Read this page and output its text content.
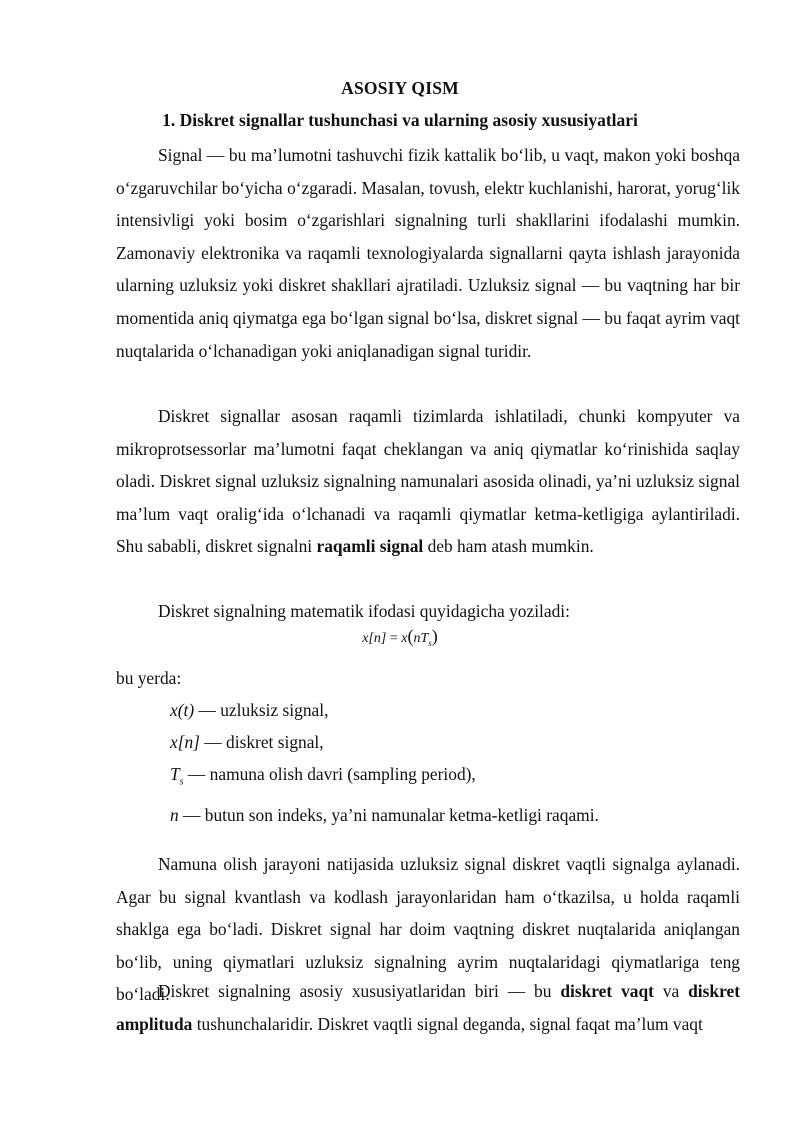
ASOSIY QISM
1. Diskret signallar tushunchasi va ularning asosiy xususiyatlari

Signal — bu ma’lumotni tashuvchi fizik kattalik bo‘lib, u vaqt, makon yoki boshqa o‘zgaruvchilar bo‘yicha o‘zgaradi. Masalan, tovush, elektr kuchlanishi, harorat, yorug‘lik intensivligi yoki bosim o‘zgarishlari signalning turli shakllarini ifodalashi mumkin. Zamonaviy elektronika va raqamli texnologiyalarda signallarni qayta ishlash jarayonida ularning uzluksiz yoki diskret shakllari ajratiladi. Uzluksiz signal — bu vaqtning har bir momentida aniq qiymatga ega bo‘lgan signal bo‘lsa, diskret signal — bu faqat ayrim vaqt nuqtalarida o‘lchanadigan yoki aniqlanadigan signal turidir.

Diskret signallar asosan raqamli tizimlarda ishlatiladi, chunki kompyuter va mikroprotsessorlar ma’lumotni faqat cheklangan va aniq qiymatlar ko‘rinishida saqlay oladi. Diskret signal uzluksiz signalning namunalari asosida olinadi, ya’ni uzluksiz signal ma’lum vaqt oralig‘ida o‘lchanadi va raqamli qiymatlar ketma-ketligiga aylantiriladi. Shu sababli, diskret signalni raqamli signal deb ham atash mumkin.

Diskret signalning matematik ifodasi quyidagicha yoziladi:

$x[n] = x(nT_s)$
bu yerda:
x(t) — uzluksiz signal,
x[n] — diskret signal,
$T_s$ — namuna olish davri (sampling period),
n — butun son indeks, ya’ni namunalar ketma-ketligi raqami.

Namuna olish jarayoni natijasida uzluksiz signal diskret vaqtli signalga aylanadi. Agar bu signal kvantlash va kodlash jarayonlaridan ham o‘tkazilsa, u holda raqamli shaklga ega bo‘ladi. Diskret signal har doim vaqtning diskret nuqtalarida aniqlangan bo‘lib, uning qiymatlari uzluksiz signalning ayrim nuqtalaridagi qiymatlariga teng bo‘ladi.

Diskret signalning asosiy xususiyatlaridan biri — bu diskret vaqt va diskret amplituda tushunchalaridir. Diskret vaqtli signal deganda, signal faqat ma’lum vaqt
